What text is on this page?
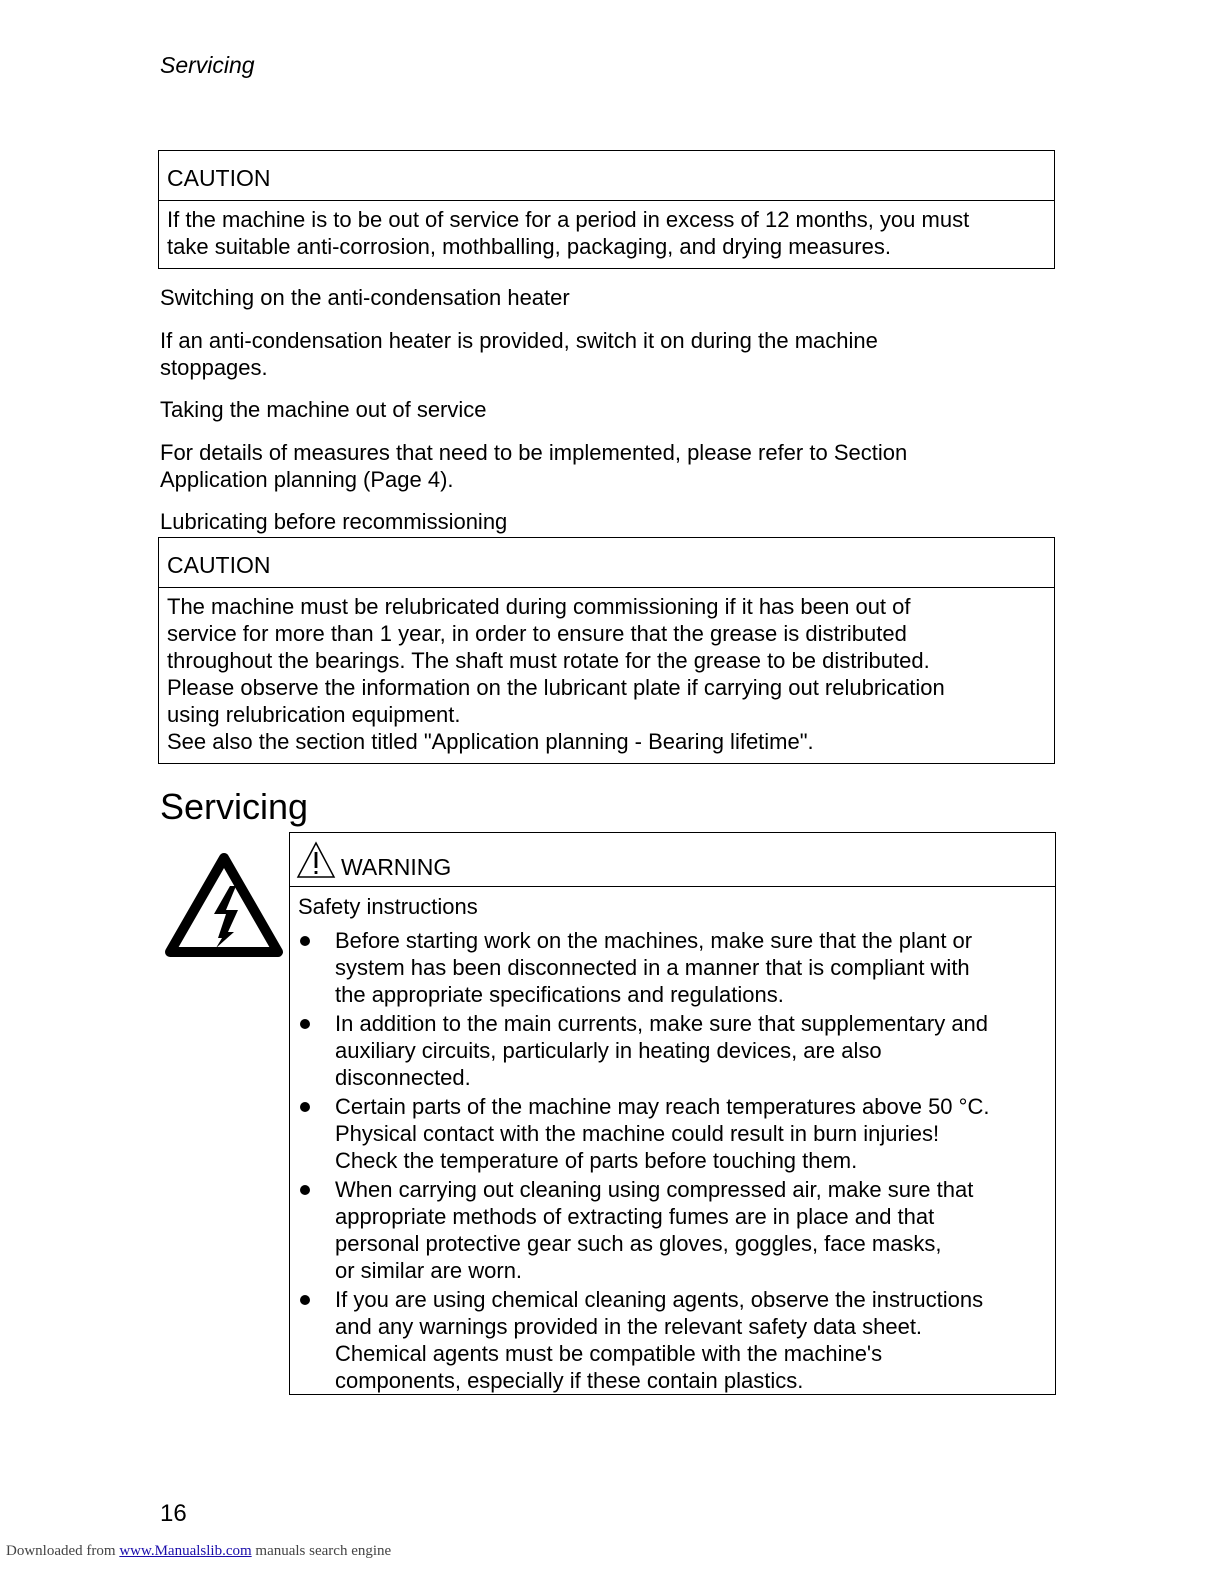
Servicing
CAUTION
If the machine is to be out of service for a period in excess of 12 months, you must
take suitable anti-corrosion, mothballing, packaging, and drying measures.
Switching on the anti-condensation heater
If an anti-condensation heater is provided, switch it on during the machine
stoppages.
Taking the machine out of service
For details of measures that need to be implemented, please refer to Section
Application planning (Page 4).
Lubricating before recommissioning
CAUTION
The machine must be relubricated during commissioning if it has been out of
service for more than 1 year, in order to ensure that the grease is distributed
throughout the bearings. The shaft must rotate for the grease to be distributed.
Please observe the information on the lubricant plate if carrying out relubrication
using relubrication equipment.
See also the section titled "Application planning - Bearing lifetime".
Servicing
WARNING
Safety instructions
Before starting work on the machines, make sure that the plant or
system has been disconnected in a manner that is compliant with
the appropriate specifications and regulations.
In addition to the main currents, make sure that supplementary and
auxiliary circuits, particularly in heating devices, are also
disconnected.
Certain parts of the machine may reach temperatures above 50 °C.
Physical contact with the machine could result in burn injuries!
Check the temperature of parts before touching them.
When carrying out cleaning using compressed air, make sure that
appropriate methods of extracting fumes are in place and that
personal protective gear such as gloves, goggles, face masks,
or similar are worn.
If you are using chemical cleaning agents, observe the instructions
and any warnings provided in the relevant safety data sheet.
Chemical agents must be compatible with the machine's
components, especially if these contain plastics.
16
Downloaded from www.Manualslib.com manuals search engine
